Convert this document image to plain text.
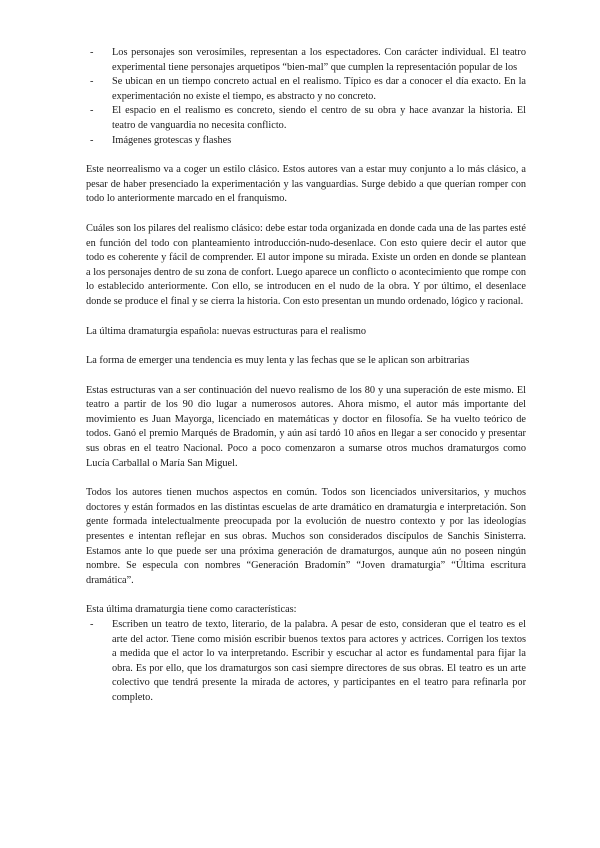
- Los personajes son verosímiles, representan a los espectadores. Con carácter individual. El teatro experimental tiene personajes arquetipos “bien-mal” que cumplen la representación popular de los
- Se ubican en un tiempo concreto actual en el realismo. Típico es dar a conocer el día exacto. En la experimentación no existe el tiempo, es abstracto y no concreto.
- El espacio en el realismo es concreto, siendo el centro de su obra y hace avanzar la historia. El teatro de vanguardia no necesita conflicto.
- Imágenes grotescas y flashes

Este neorrealismo va a coger un estilo clásico. Estos autores van a estar muy conjunto a lo más clásico, a pesar de haber presenciado la experimentación y las vanguardias. Surge debido a que querían romper con todo lo anteriormente marcado en el franquismo.

Cuáles son los pilares del realismo clásico: debe estar toda organizada en donde cada una de las partes esté en función del todo con planteamiento introducción-nudo-desenlace. Con esto quiere decir el autor que todo es coherente y fácil de comprender. El autor impone su mirada. Existe un orden en donde se plantean a los personajes dentro de su zona de confort. Luego aparece un conflicto o acontecimiento que rompe con lo establecido anteriormente. Con ello, se introducen en el nudo de la obra. Y por último, el desenlace donde se produce el final y se cierra la historia. Con esto presentan un mundo ordenado, lógico y racional.

La última dramaturgia española: nuevas estructuras para el realismo

La forma de emerger una tendencia es muy lenta y las fechas que se le aplican son arbitrarias

Estas estructuras van a ser continuación del nuevo realismo de los 80 y una superación de este mismo. El teatro a partir de los 90 dio lugar a numerosos autores. Ahora mismo, el autor más importante del movimiento es Juan Mayorga, licenciado en matemáticas y doctor en filosofía. Se ha vuelto teórico de todos. Ganó el premio Marqués de Bradomín, y aún así tardó 10 años en llegar a ser conocido y presentar sus obras en el teatro Nacional. Poco a poco comenzaron a sumarse otros muchos dramaturgos como Lucía Carballal o María San Miguel.

Todos los autores tienen muchos aspectos en común. Todos son licenciados universitarios, y muchos doctores y están formados en las distintas escuelas de arte dramático en dramaturgia e interpretación. Son gente formada intelectualmente preocupada por la evolución de nuestro contexto y por las ideologías presentes e intentan reflejar en sus obras. Muchos son considerados discípulos de Sanchis Sinisterra. Estamos ante lo que puede ser una próxima generación de dramaturgos, aunque aún no poseen ningún nombre. Se especula con nombres “Generación Bradomín” “Joven dramaturgia” “Última escritura dramática”.

Esta última dramaturgia tiene como características:

- Escriben un teatro de texto, literario, de la palabra. A pesar de esto, consideran que el teatro es el arte del actor. Tiene como misión escribir buenos textos para actores y actrices. Corrigen los textos a medida que el actor lo va interpretando. Escribir y escuchar al actor es fundamental para fijar la obra. Es por ello, que los dramaturgos son casi siempre directores de sus obras. El teatro es un arte colectivo que tendrá presente la mirada de actores, y participantes en el teatro para refinarla por completo.
